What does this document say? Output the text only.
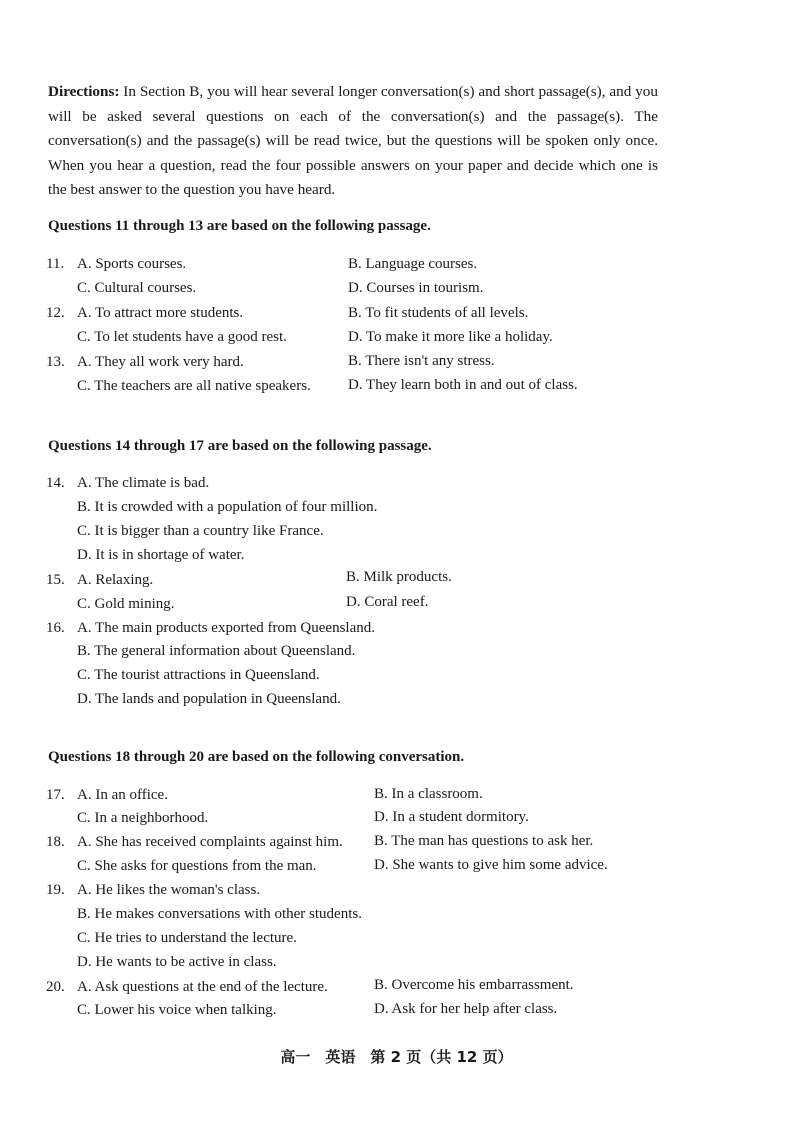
Directions: In Section B, you will hear several longer conversation(s) and short passage(s), and you will be asked several questions on each of the conversation(s) and the passage(s). The conversation(s) and the passage(s) will be read twice, but the questions will be spoken only once. When you hear a question, read the four possible answers on your paper and decide which one is the best answer to the question you have heard.
Questions 11 through 13 are based on the following passage.
11. A. Sports courses.	B. Language courses.
C. Cultural courses.	D. Courses in tourism.
12. A. To attract more students.	B. To fit students of all levels.
C. To let students have a good rest.	D. To make it more like a holiday.
13. A. They all work very hard.	B. There isn't any stress.
C. The teachers are all native speakers. D. They learn both in and out of class.
Questions 14 through 17 are based on the following passage.
14. A. The climate is bad.
B. It is crowded with a population of four million.
C. It is bigger than a country like France.
D. It is in shortage of water.
15. A. Relaxing.	B. Milk products.
C. Gold mining.	D. Coral reef.
16. A. The main products exported from Queensland.
B. The general information about Queensland.
C. The tourist attractions in Queensland.
D. The lands and population in Queensland.
Questions 18 through 20 are based on the following conversation.
17. A. In an office.	B. In a classroom.
C. In a neighborhood.	D. In a student dormitory.
18. A. She has received complaints against him. B. The man has questions to ask her.
C. She asks for questions from the man.	D. She wants to give him some advice.
19. A. He likes the woman's class.
B. He makes conversations with other students.
C. He tries to understand the lecture.
D. He wants to be active in class.
20. A. Ask questions at the end of the lecture.	B. Overcome his embarrassment.
C. Lower his voice when talking.	D. Ask for her help after class.
高一　英语　第 2 页（共 12 页）
